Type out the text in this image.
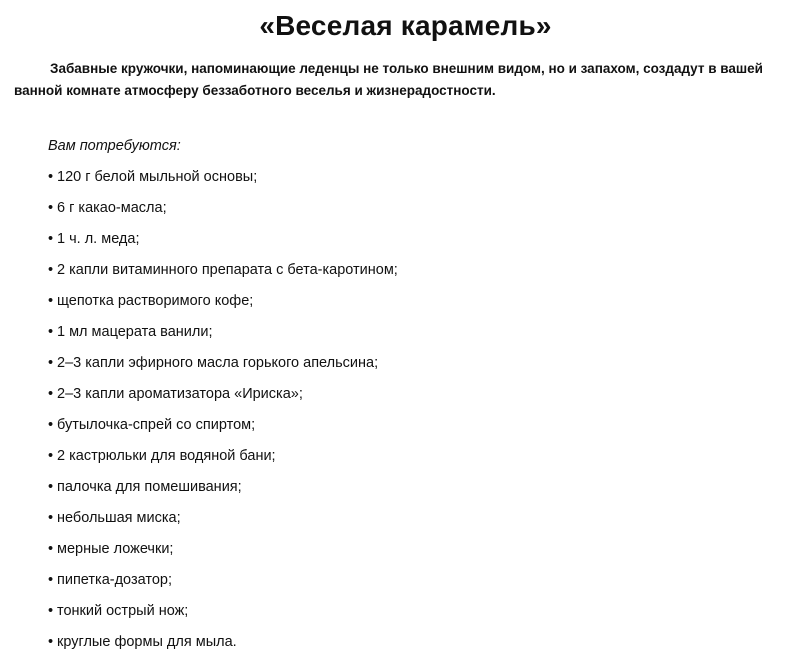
«Веселая карамель»
Забавные кружочки, напоминающие леденцы не только внешним видом, но и запахом, создадут в вашей ванной комнате атмосферу беззаботного веселья и жизнерадостности.
Вам потребуются:
• 120 г белой мыльной основы;
• 6 г какао-масла;
• 1 ч. л. меда;
• 2 капли витаминного препарата с бета-каротином;
• щепотка растворимого кофе;
• 1 мл мацерата ванили;
• 2–3 капли эфирного масла горького апельсина;
• 2–3 капли ароматизатора «Ириска»;
• бутылочка-спрей со спиртом;
• 2 кастрюльки для водяной бани;
• палочка для помешивания;
• небольшая миска;
• мерные ложечки;
• пипетка-дозатор;
• тонкий острый нож;
• круглые формы для мыла.
